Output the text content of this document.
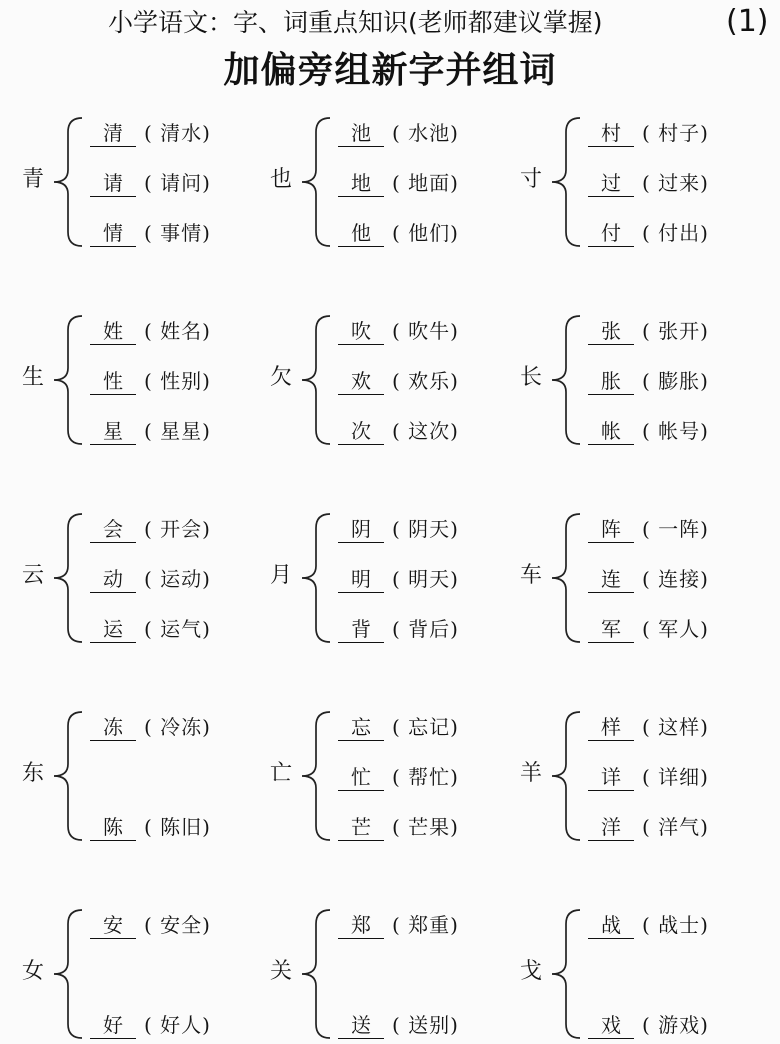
小学语文：字、词重点知识(老师都建议掌握)	(1)
加偏旁组新字并组词
青
清 ( 清水)
请 ( 请问)
情 ( 事情)
也
池 ( 水池)
地 ( 地面)
他 ( 他们)
寸
村 ( 村子)
过 ( 过来)
付 ( 付出)
生
姓 ( 姓名)
性 ( 性别)
星 ( 星星)
欠
吹 ( 吹牛)
欢 ( 欢乐)
次 ( 这次)
长
张 ( 张开)
胀 ( 膨胀)
帐 ( 帐号)
云
会 ( 开会)
动 ( 运动)
运 ( 运气)
月
阴 ( 阴天)
明 ( 明天)
背 ( 背后)
车
阵 ( 一阵)
连 ( 连接)
军 ( 军人)
东
冻 ( 冷冻)
陈 ( 陈旧)
亡
忘 ( 忘记)
忙 ( 帮忙)
芒 ( 芒果)
羊
样 ( 这样)
详 ( 详细)
洋 ( 洋气)
女
安 ( 安全)
好 ( 好人)
关
郑 ( 郑重)
送 ( 送别)
戈
战 ( 战士)
戏 ( 游戏)
